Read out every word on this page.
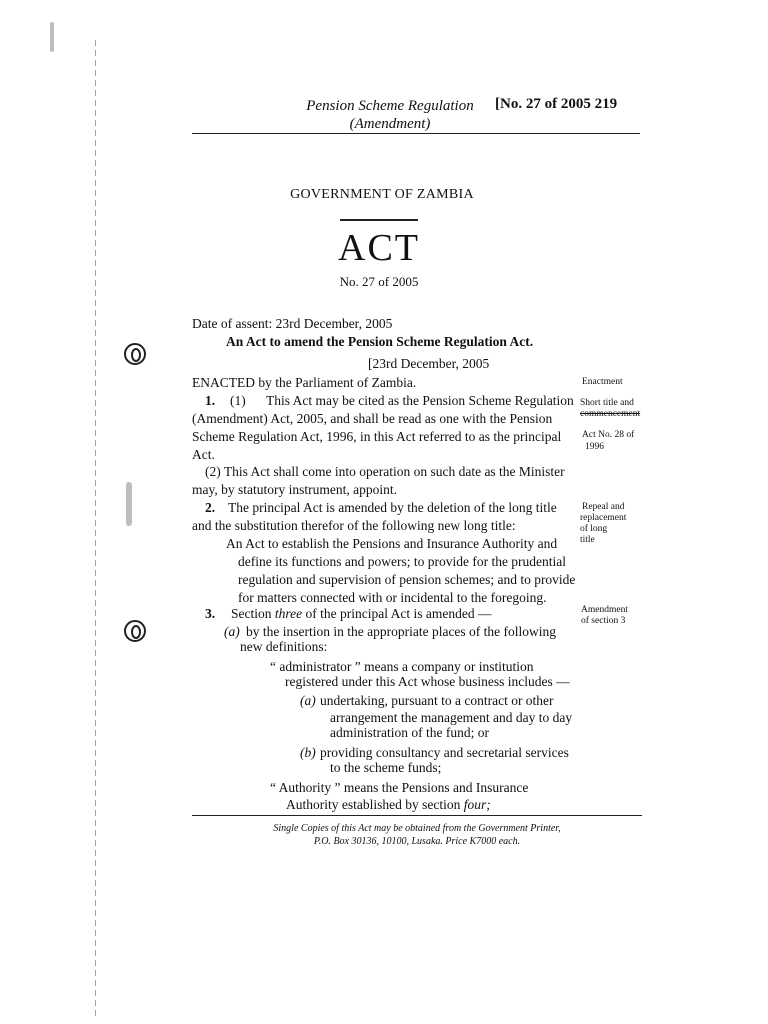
Pension Scheme Regulation
(Amendment)
[No. 27 of 2005 219
GOVERNMENT OF ZAMBIA
ACT
No. 27 of 2005
Date of assent: 23rd December, 2005
An Act to amend the Pension Scheme Regulation Act.
[23rd December, 2005
ENACTED by the Parliament of Zambia.
1. (1) This Act may be cited as the Pension Scheme Regulation
(Amendment) Act, 2005, and shall be read as one with the Pension
Scheme Regulation Act, 1996, in this Act referred to as the principal
Act.
(2) This Act shall come into operation on such date as the Minister
may, by statutory instrument, appoint.
2. The principal Act is amended by the deletion of the long title
and the substitution therefor of the following new long title:
An Act to establish the Pensions and Insurance Authority and
define its functions and powers; to provide for the prudential
regulation and supervision of pension schemes; and to provide
for matters connected with or incidental to the foregoing.
3. Section three of the principal Act is amended —
(a) by the insertion in the appropriate places of the following
new definitions:
“ administrator ” means a company or institution
registered under this Act whose business includes —
(a) undertaking, pursuant to a contract or other
arrangement the management and day to day
administration of the fund; or
(b) providing consultancy and secretarial services
to the scheme funds;
“ Authority ” means the Pensions and Insurance
Authority established by section four;
Enactment
Short title and
commencement
Act No. 28 of
1996
Repeal and
replacement
of long
title
Amendment
of section 3
Single Copies of this Act may be obtained from the Government Printer,
P.O. Box 30136, 10100, Lusaka. Price K7000 each.
